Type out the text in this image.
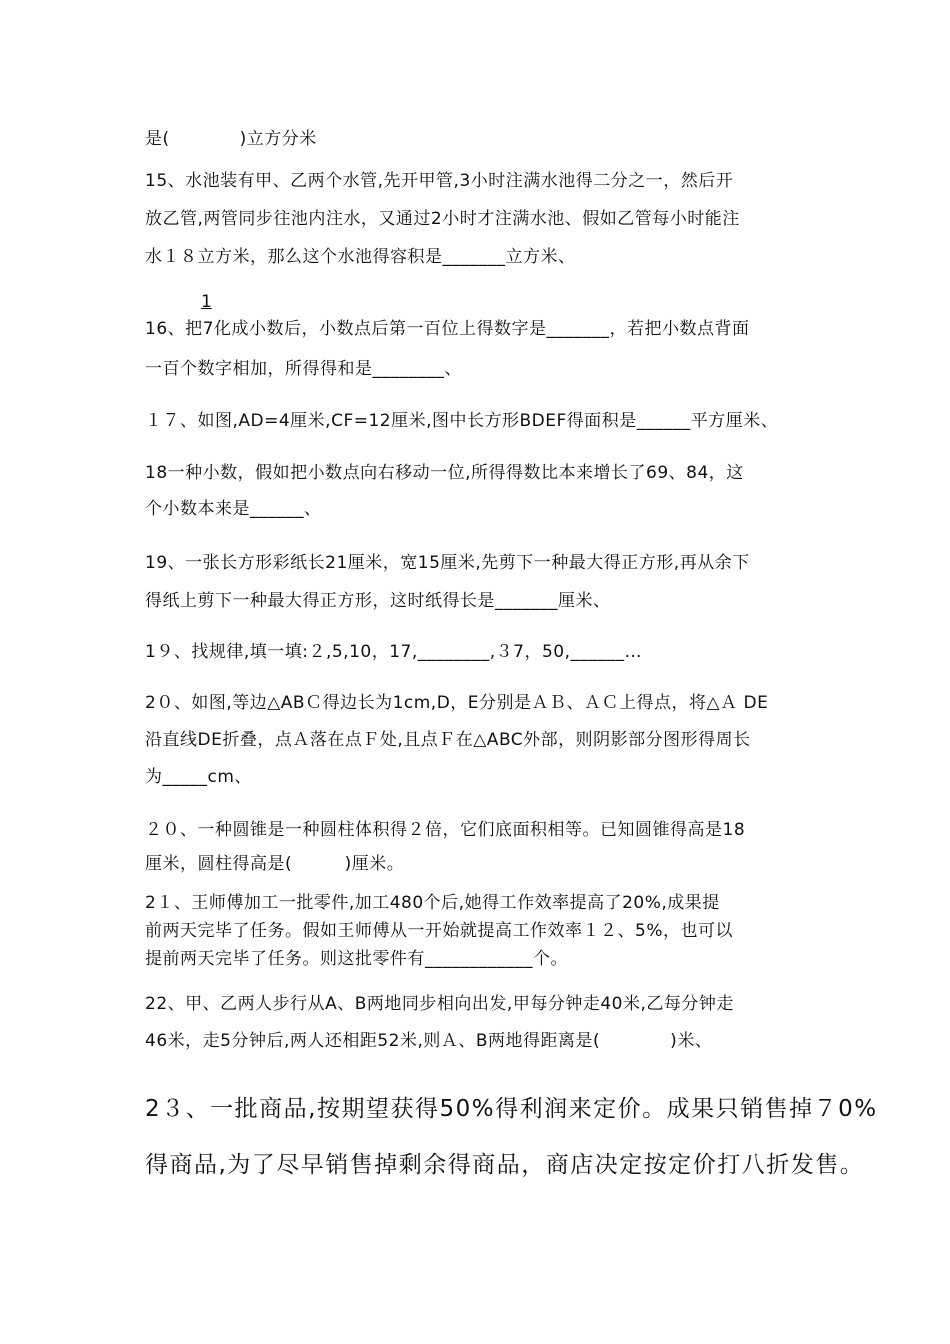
是(　　　　)立方分米
15、水池装有甲、乙两个水管,先开甲管,3小时注满水池得二分之一，然后开
放乙管,两管同步往池内注水，又通过2小时才注满水池、假如乙管每小时能注
水１８立方米，那么这个水池得容积是_______立方米、
1
16、把7化成小数后，小数点后第一百位上得数字是_______，若把小数点背面
一百个数字相加，所得得和是________、
１７、如图,AD=4厘米,CF=12厘米,图中长方形BDEF得面积是______平方厘米、
18一种小数，假如把小数点向右移动一位,所得得数比本来增长了69、84，这
个小数本来是______、
19、一张长方形彩纸长21厘米，宽15厘米,先剪下一种最大得正方形,再从余下
得纸上剪下一种最大得正方形，这时纸得长是_______厘米、
1９、找规律,填一填:２,5,10，17,________,３7，50,______…
2０、如图,等边△ABＣ得边长为1cm,D，E分别是ＡＢ、ＡＣ上得点，将△Ａ DE
沿直线DE折叠，点Ａ落在点Ｆ处,且点Ｆ在△ABC外部，则阴影部分图形得周长
为_____cm、
２０、一种圆锥是一种圆柱体积得２倍，它们底面积相等。已知圆锥得高是18
厘米，圆柱得高是(　　　)厘米。
2１、王师傅加工一批零件,加工480个后,她得工作效率提高了20%,成果提
前两天完毕了任务。假如王师傅从一开始就提高工作效率１２、5%，也可以
提前两天完毕了任务。则这批零件有____________个。
22、甲、乙两人步行从A、B两地同步相向出发,甲每分钟走40米,乙每分钟走
46米，走5分钟后,两人还相距52米,则Ａ、B两地得距离是(　　　　)米、
2３、一批商品,按期望获得50%得利润来定价。成果只销售掉７0%
得商品,为了尽早销售掉剩余得商品，商店决定按定价打八折发售。
